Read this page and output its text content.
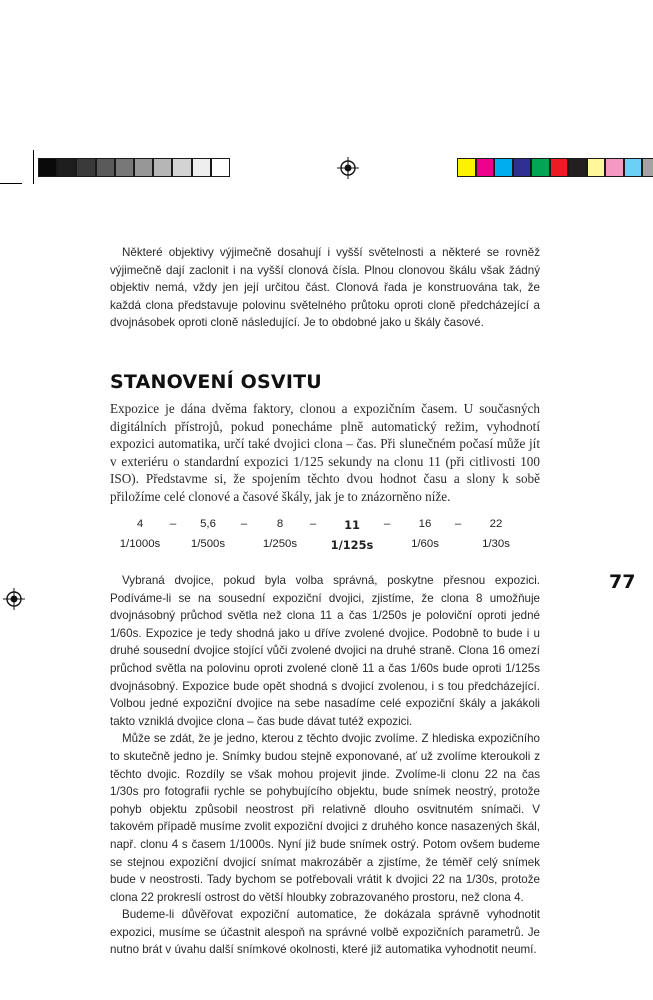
Některé objektivy výjimečně dosahují i vyšší světelnosti a některé se rovněž výjimečně dají zaclonit i na vyšší clonová čísla. Plnou clonovou škálu však žádný objektiv nemá, vždy jen její určitou část. Clonová řada je konstruována tak, že každá clona představuje polovinu světelného průtoku oproti cloně předcházející a dvojnásobek oproti cloně následující. Je to obdobné jako u škály časové.

STANOVENÍ OSVITU

Expozice je dána dvěma faktory, clonou a expozičním časem. U současných digitálních přístrojů, pokud ponecháme plně automatický režim, vyhodnotí expozici automatika, určí také dvojici clona – čas. Při slunečném počasí může jít v exteriéru o standardní expozici 1/125 sekundy na clonu 11 (při citlivosti 100 ISO). Představme si, že spojením těchto dvou hodnot času a slony k sobě přiložíme celé clonové a časové škály, jak je to znázorněno níže.

4	–	5,6	–	8	–	11	–	16	–	22
1/1000s	1/500s	1/250s	1/125s	1/60s	1/30s
77

Vybraná dvojice, pokud byla volba správná, poskytne přesnou expozici. Podíváme-li se na sousední expoziční dvojici, zjistíme, že clona 8 umožňuje dvojnásobný průchod světla než clona 11 a čas 1/250s je poloviční oproti jedné 1/60s. Expozice je tedy shodná jako u dříve zvolené dvojice. Podobně to bude i u druhé sousední dvojice stojící vůči zvolené dvojici na druhé straně. Clona 16 omezí průchod světla na polovinu oproti zvolené cloně 11 a čas 1/60s bude oproti 1/125s dvojnásobný. Expozice bude opět shodná s dvojicí zvolenou, i s tou předcházející. Volbou jedné expoziční dvojice na sebe nasadíme celé expoziční škály a jakákoli takto vzniklá dvojice clona – čas bude dávat tutéž expozici.

Může se zdát, že je jedno, kterou z těchto dvojic zvolíme. Z hlediska expozičního to skutečně jedno je. Snímky budou stejně exponované, ať už zvolíme kteroukoli z těchto dvojic. Rozdíly se však mohou projevit jinde. Zvolíme-li clonu 22 na čas 1/30s pro fotografii rychle se pohybujícího objektu, bude snímek neostrý, protože pohyb objektu způsobil neostrost při relativně dlouho osvitnutém snímači. V takovém případě musíme zvolit expoziční dvojici z druhého konce nasazených škál, např. clonu 4 s časem 1/1000s. Nyní již bude snímek ostrý. Potom ovšem budeme se stejnou expoziční dvojicí snímat makrozáběr a zjistíme, že téměř celý snímek bude v neostrosti. Tady bychom se potřebovali vrátit k dvojici 22 na 1/30s, protože clona 22 prokreslí ostrost do větší hloubky zobrazovaného prostoru, než clona 4.

Budeme-li důvěřovat expoziční automatice, že dokázala správně vyhodnotit expozici, musíme se účastnit alespoň na správné volbě expozičních parametrů. Je nutno brát v úvahu další snímkové okolnosti, které již automatika vyhodnotit neumí.
